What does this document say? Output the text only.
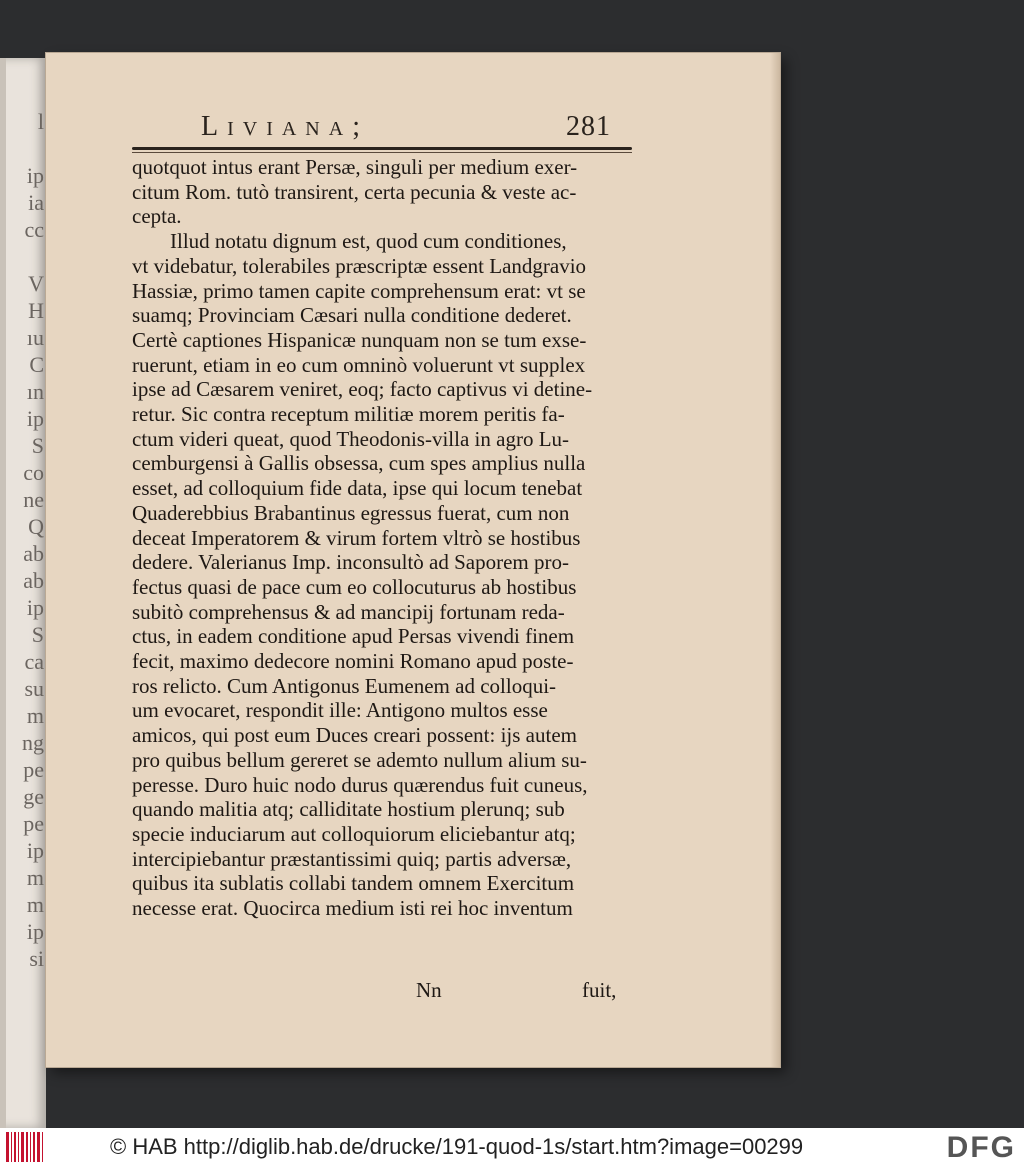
l

ip
ia
cc

V
H
ıu
C
ın
ip
S
co
ne
Q
ab
ab
ip
S
ca
su
m
ng
pe
ge
pe
ip
m
m
ip
si
Liviana;	281
quotquot intus erant Persæ, singuli per medium exer-
citum Rom. tutò transirent, certa pecunia & veste ac-
cepta.
Illud notatu dignum est, quod cum conditiones,
vt videbatur, tolerabiles præscriptæ essent Landgravio
Hassiæ, primo tamen capite comprehensum erat: vt se
suamq; Provinciam Cæsari nulla conditione dederet.
Certè captiones Hispanicæ nunquam non se tum exse-
ruerunt, etiam in eo cum omninò voluerunt vt supplex
ipse ad Cæsarem veniret, eoq; facto captivus vi detine-
retur. Sic contra receptum militiæ morem peritis fa-
ctum videri queat, quod Theodonis-villa in agro Lu-
cemburgensi à Gallis obsessa, cum spes amplius nulla
esset, ad colloquium fide data, ipse qui locum tenebat
Quaderebbius Brabantinus egressus fuerat, cum non
deceat Imperatorem & virum fortem vltrò se hostibus
dedere. Valerianus Imp. inconsultò ad Saporem pro-
fectus quasi de pace cum eo collocuturus ab hostibus
subitò comprehensus & ad mancipij fortunam reda-
ctus, in eadem conditione apud Persas vivendi finem
fecit, maximo dedecore nomini Romano apud poste-
ros relicto. Cum Antigonus Eumenem ad colloqui-
um evocaret, respondit ille: Antigono multos esse
amicos, qui post eum Duces creari possent: ijs autem
pro quibus bellum gereret se ademto nullum alium su-
peresse. Duro huic nodo durus quærendus fuit cuneus,
quando malitia atq; calliditate hostium plerunq; sub
specie induciarum aut colloquiorum eliciebantur atq;
intercipiebantur præstantissimi quiq; partis adversæ,
quibus ita sublatis collabi tandem omnem Exercitum
necesse erat. Quocirca medium isti rei hoc inventum
Nn	fuit,
© HAB http://diglib.hab.de/drucke/191-quod-1s/start.htm?image=00299	DFG
